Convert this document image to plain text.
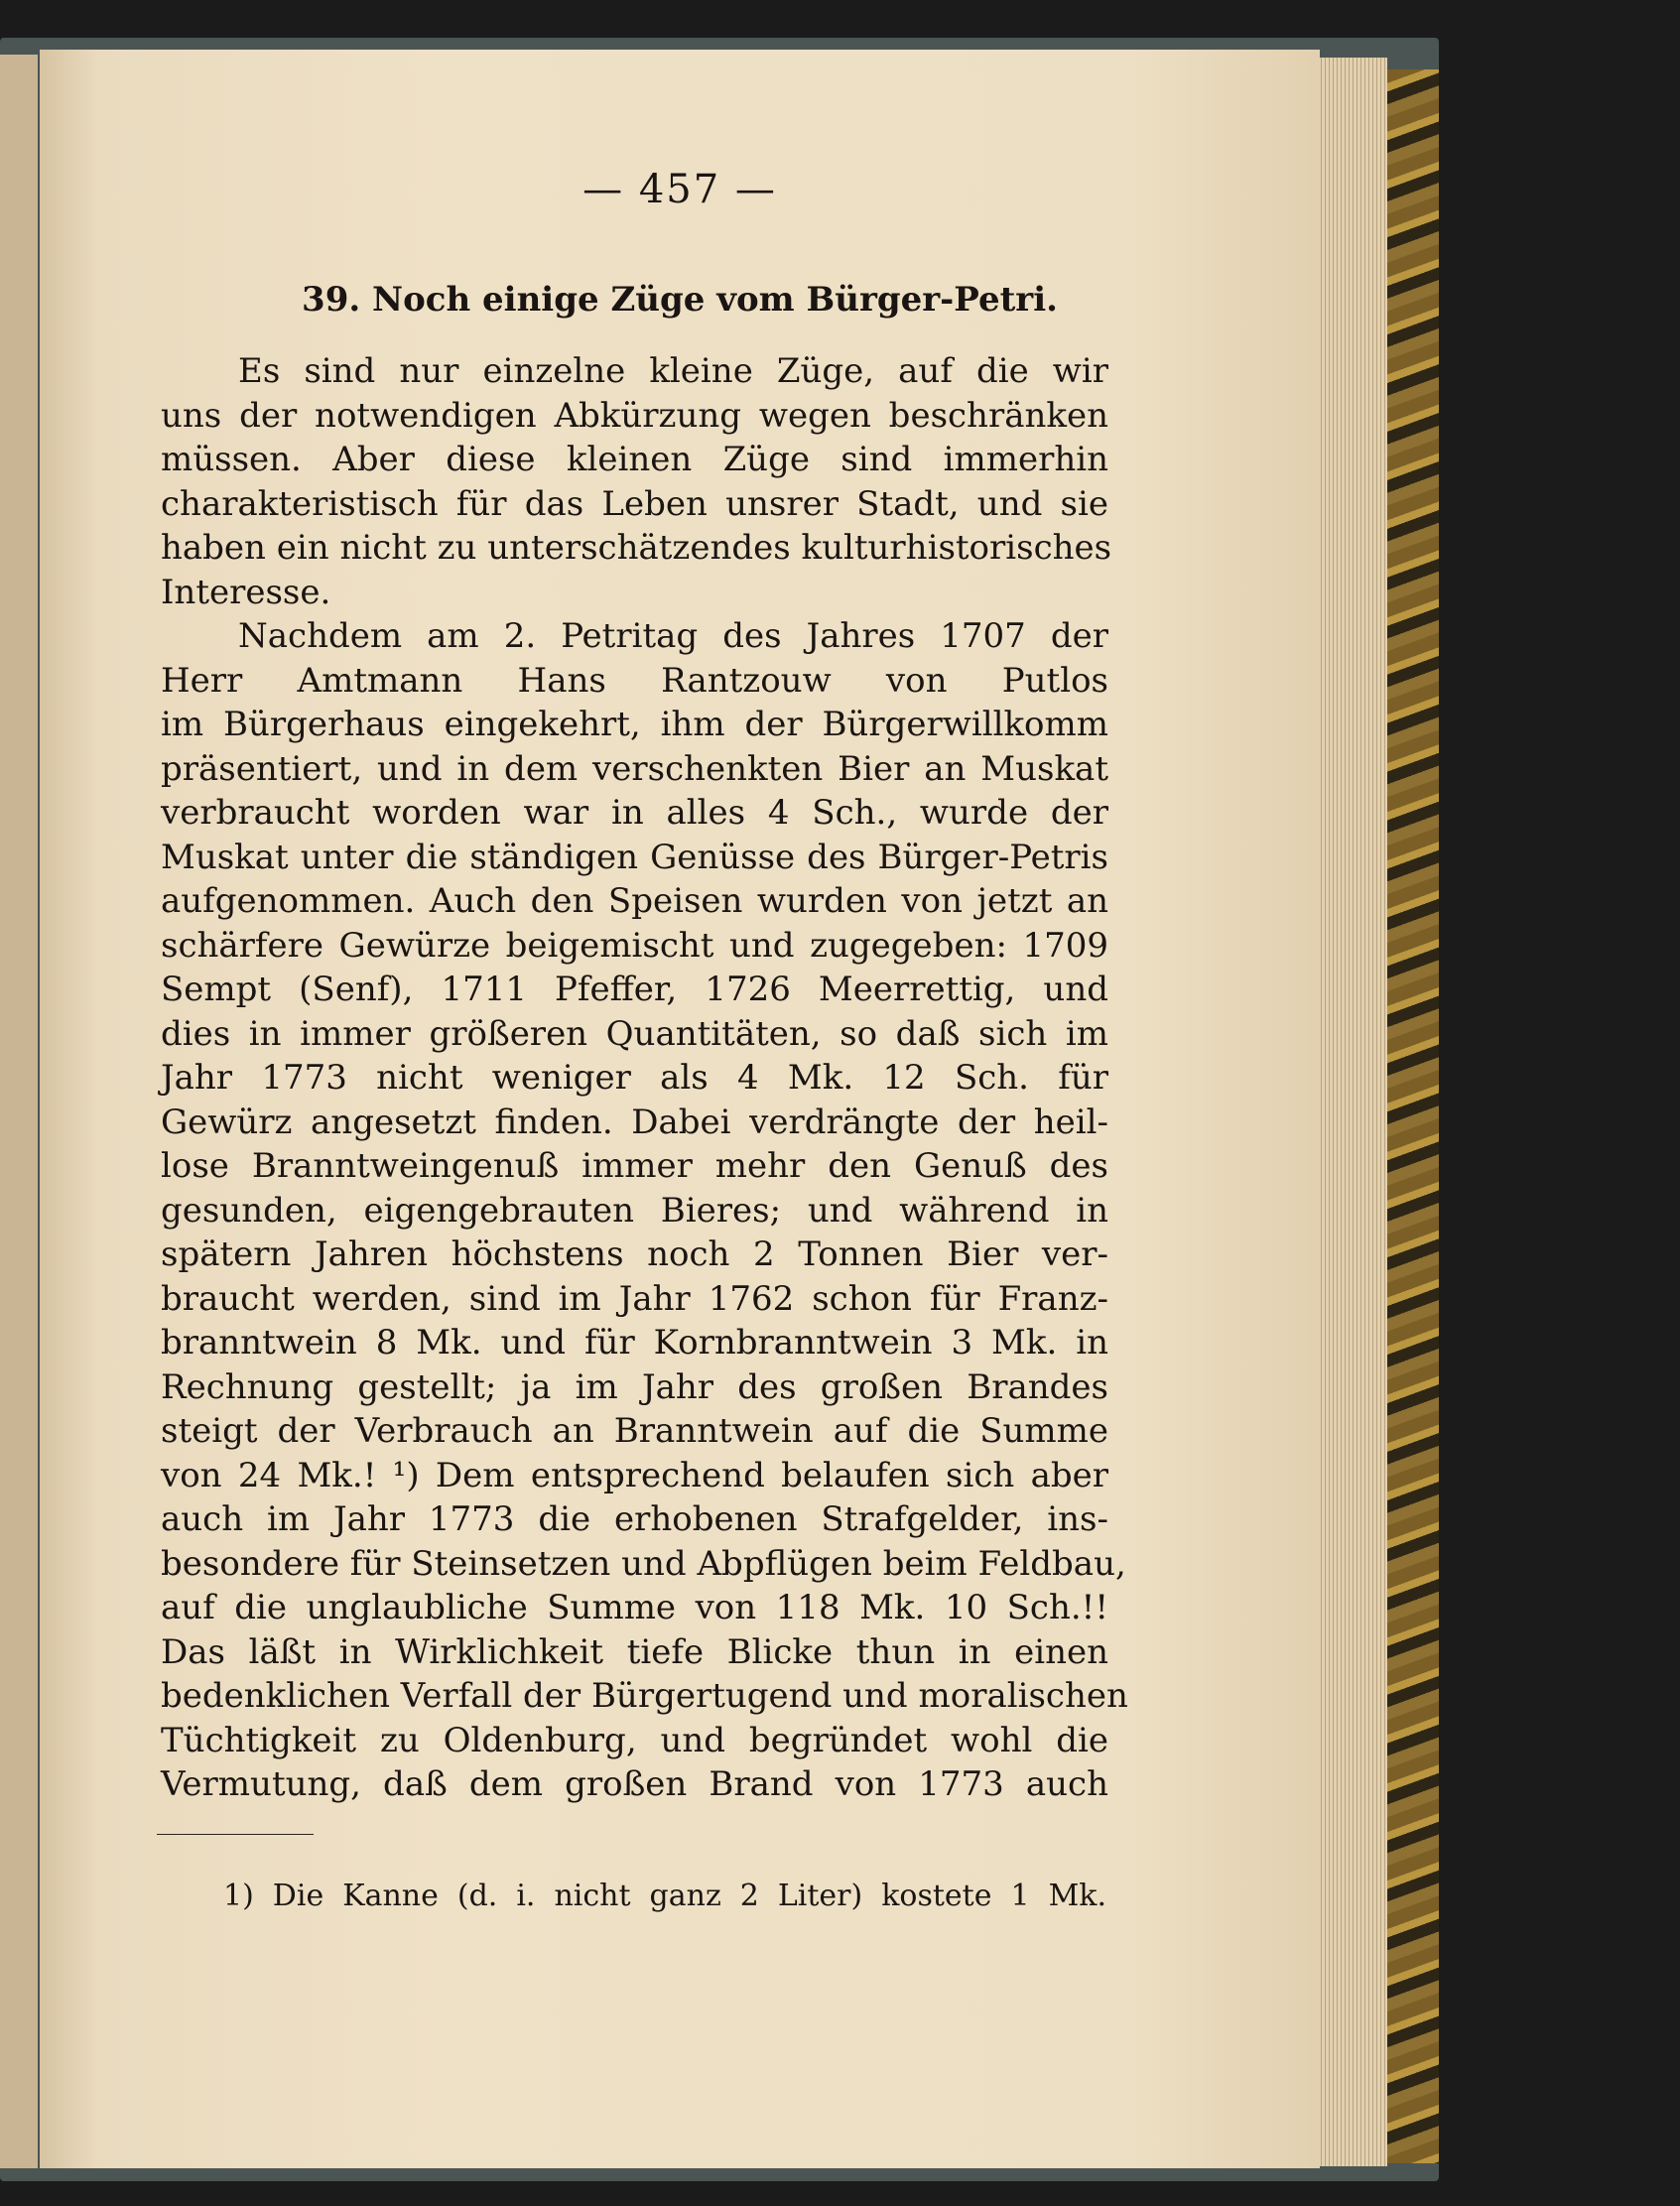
— 457 —
39. Noch einige Züge vom Bürger-Petri.
Es sind nur einzelne kleine Züge, auf die wir
uns der notwendigen Abkürzung wegen beschränken
müssen. Aber diese kleinen Züge sind immerhin
charakteristisch für das Leben unsrer Stadt, und sie
haben ein nicht zu unterschätzendes kulturhistorisches
Interesse.
Nachdem am 2. Petritag des Jahres 1707 der
Herr Amtmann Hans Rantzouw von Putlos
im Bürgerhaus eingekehrt, ihm der Bürgerwillkomm
präsentiert, und in dem verschenkten Bier an Muskat
verbraucht worden war in alles 4 Sch., wurde der
Muskat unter die ständigen Genüsse des Bürger-Petris
aufgenommen. Auch den Speisen wurden von jetzt an
schärfere Gewürze beigemischt und zugegeben: 1709
Sempt (Senf), 1711 Pfeffer, 1726 Meerrettig, und
dies in immer größeren Quantitäten, so daß sich im
Jahr 1773 nicht weniger als 4 Mk. 12 Sch. für
Gewürz angesetzt finden. Dabei verdrängte der heil-
lose Branntweingenuß immer mehr den Genuß des
gesunden, eigengebrauten Bieres; und während in
spätern Jahren höchstens noch 2 Tonnen Bier ver-
braucht werden, sind im Jahr 1762 schon für Franz-
branntwein 8 Mk. und für Kornbranntwein 3 Mk. in
Rechnung gestellt; ja im Jahr des großen Brandes
steigt der Verbrauch an Branntwein auf die Summe
von 24 Mk.! ¹) Dem entsprechend belaufen sich aber
auch im Jahr 1773 die erhobenen Strafgelder, ins-
besondere für Steinsetzen und Abpflügen beim Feldbau,
auf die unglaubliche Summe von 118 Mk. 10 Sch.!!
Das läßt in Wirklichkeit tiefe Blicke thun in einen
bedenklichen Verfall der Bürgertugend und moralischen
Tüchtigkeit zu Oldenburg, und begründet wohl die
Vermutung, daß dem großen Brand von 1773 auch
1) Die Kanne (d. i. nicht ganz 2 Liter) kostete 1 Mk.
